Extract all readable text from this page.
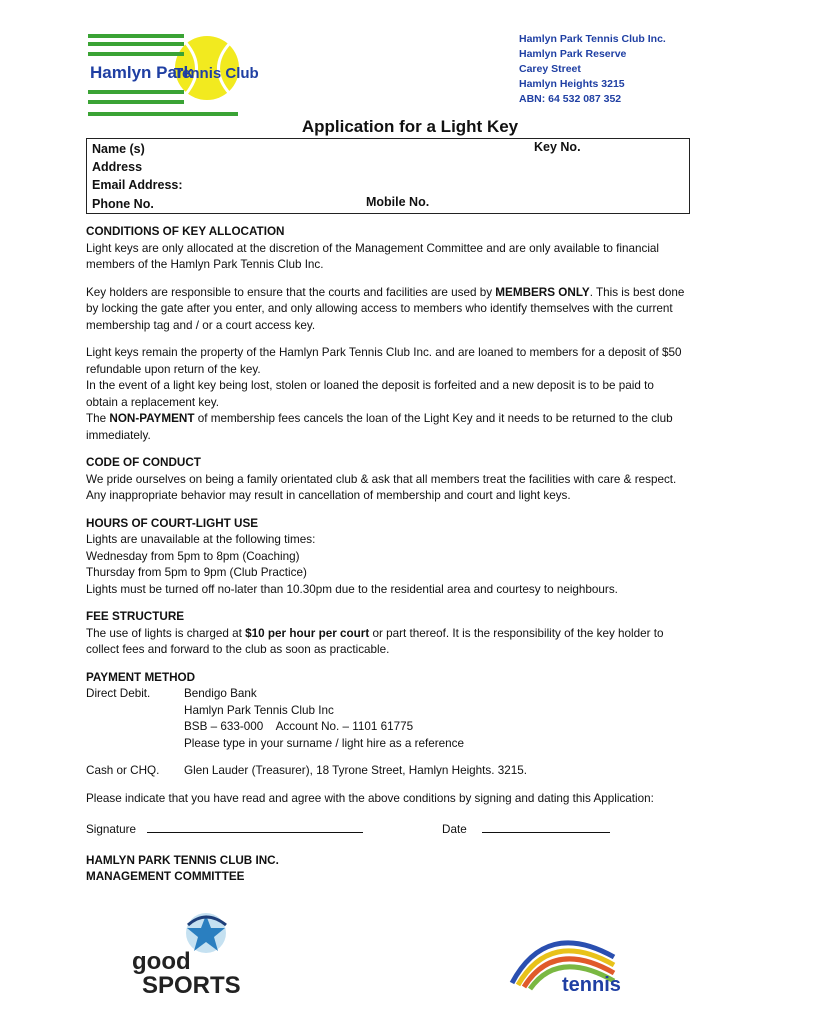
Hamlyn Park
Tennis Club
Hamlyn Park Tennis Club Inc.
Hamlyn Park Reserve
Carey Street
Hamlyn Heights 3215
ABN: 64 532 087 352
Application for a Light Key
Name (s)	Key No.
Address
Email Address:
Phone No.	Mobile No.

CONDITIONS OF KEY ALLOCATION

Light keys are only allocated at the discretion of the Management Committee and are only available to financial members of the Hamlyn Park Tennis Club Inc.

Key holders are responsible to ensure that the courts and facilities are used by MEMBERS ONLY. This is best done by locking the gate after you enter, and only allowing access to members who identify themselves with the current membership tag and / or a court access key.

Light keys remain the property of the Hamlyn Park Tennis Club Inc. and are loaned to members for a deposit of $50 refundable upon return of the key.

In the event of a light key being lost, stolen or loaned the deposit is forfeited and a new deposit is to be paid to obtain a replacement key.

The NON-PAYMENT of membership fees cancels the loan of the Light Key and it needs to be returned to the club immediately.

CODE OF CONDUCT

We pride ourselves on being a family orientated club & ask that all members treat the facilities with care & respect. Any inappropriate behavior may result in cancellation of membership and court and light keys.

HOURS OF COURT-LIGHT USE

Lights are unavailable at the following times:

Wednesday from 5pm to 8pm (Coaching)

Thursday from 5pm to 9pm (Club Practice)

Lights must be turned off no-later than 10.30pm due to the residential area and courtesy to neighbours.

FEE STRUCTURE

The use of lights is charged at $10 per hour per court or part thereof. It is the responsibility of the key holder to collect fees and forward to the club as soon as practicable.

PAYMENT METHOD

Direct Debit.	Bendigo Bank
Hamlyn Park Tennis Club Inc
BSB – 633-000    Account No. – 1101 61775
Please type in your surname / light hire as a reference
Cash or CHQ.	Glen Lauder (Treasurer), 18 Tyrone Street, Hamlyn Heights. 3215.

Please indicate that you have read and agree with the above conditions by signing and dating this Application:

Signature	Date

HAMLYN PARK TENNIS CLUB INC.

MANAGEMENT COMMITTEE

good
SPORTS	tennis
